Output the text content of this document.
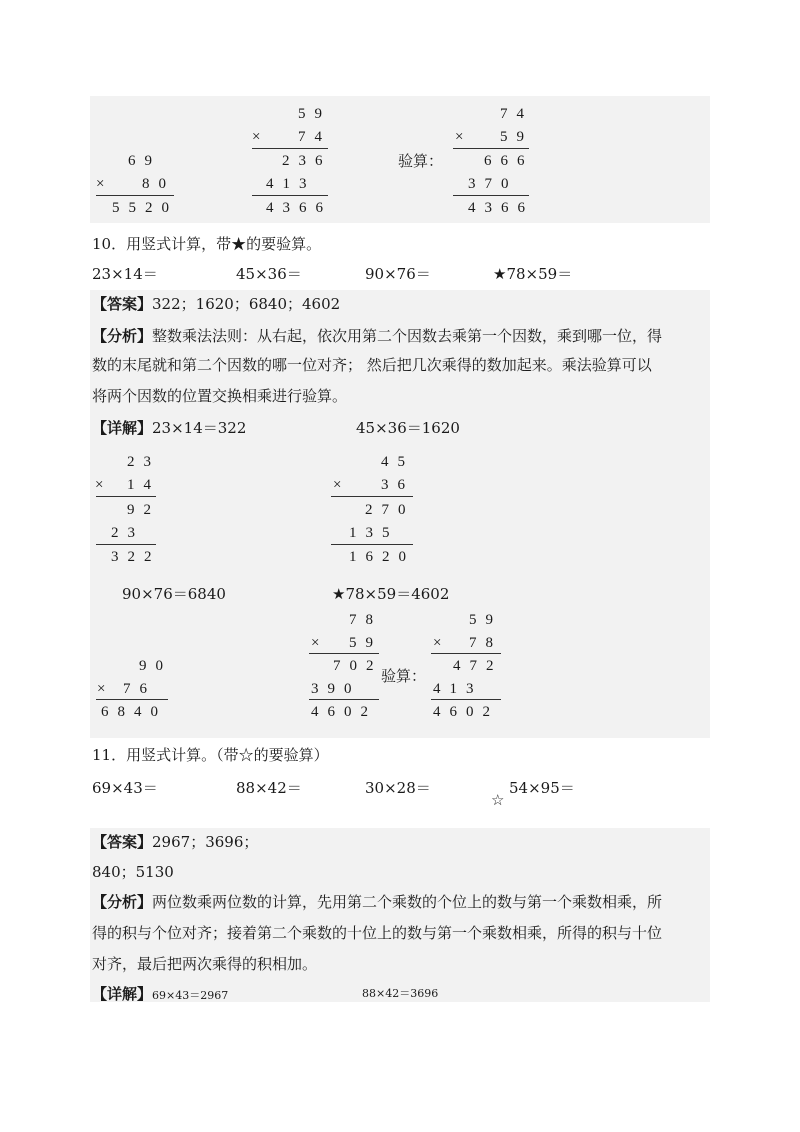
69
× 80
5520
59
× 74
236
413
4366
验算：
74
× 59
666
370
4366
10．用竖式计算，带★的要验算。
23×14＝	45×36＝	90×76＝	★78×59＝
【答案】322；1620；6840；4602
【分析】整数乘法法则：从右起，依次用第二个因数去乘第一个因数，乘到哪一位，得
数的末尾就和第二个因数的哪一位对齐； 然后把几次乘得的数加起来。乘法验算可以
将两个因数的位置交换相乘进行验算。
【详解】23×14＝322	45×36＝1620
23
× 14
92
23
322
45
× 36
270
135
1620
90×76＝6840	★78×59＝4602
90
× 76
6840
78
× 59
702
390
4602
验算：
59
× 78
472
413
4602
11．用竖式计算。（带☆的要验算）
69×43＝	88×42＝	30×28＝
☆
54×95＝
【答案】2967；3696；
840；5130
【分析】两位数乘两位数的计算，先用第二个乘数的个位上的数与第一个乘数相乘，所
得的积与个位对齐；接着第二个乘数的十位上的数与第一个乘数相乘，所得的积与十位
对齐，最后把两次乘得的积相加。
【详解】69×43＝2967	88×42＝3696
